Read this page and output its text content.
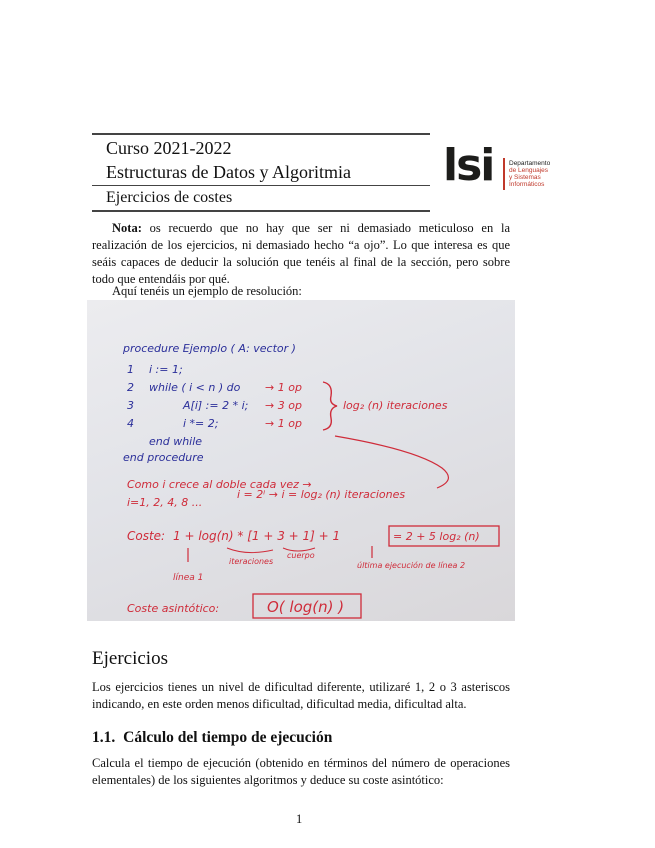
Curso 2021-2022
Estructuras de Datos y Algoritmia
Ejercicios de costes
lsi Departamento
de Lenguajes
y Sistemas
Informáticos
Nota: os recuerdo que no hay que ser ni demasiado meticuloso en la realización de los ejercicios, ni demasiado hecho “a ojo”. Lo que interesa es que seáis capaces de deducir la solución que tenéis al final de la sección, pero sobre todo que entendáis por qué.
Aquí tenéis un ejemplo de resolución:
procedure Ejemplo ( A: vector )
1 i := 1;
2 while ( i < n ) do → 1 op
3	A[i] := 2 * i; → 3 op
4	i *= 2;	→ 1 op
end while
end procedure
log₂ (n) iteraciones
Como i crece al doble cada vez →
i=1, 2, 4, 8 ...
i = 2ⁱ → i = log₂ (n) iteraciones
Coste: 1 + log(n) * [1 + 3 + 1] + 1	= 2 + 5 log₂ (n)
iteraciones
cuerpo
línea 1
última ejecución de línea 2
Coste asintótico:	O( log(n) )
Ejercicios
Los ejercicios tienes un nivel de dificultad diferente, utilizaré 1, 2 o 3 asteriscos indicando, en este orden menos dificultad, dificultad media, dificultad alta.
1.1. Cálculo del tiempo de ejecución
Calcula el tiempo de ejecución (obtenido en términos del número de operaciones elementales) de los siguientes algoritmos y deduce su coste asintótico:
1
